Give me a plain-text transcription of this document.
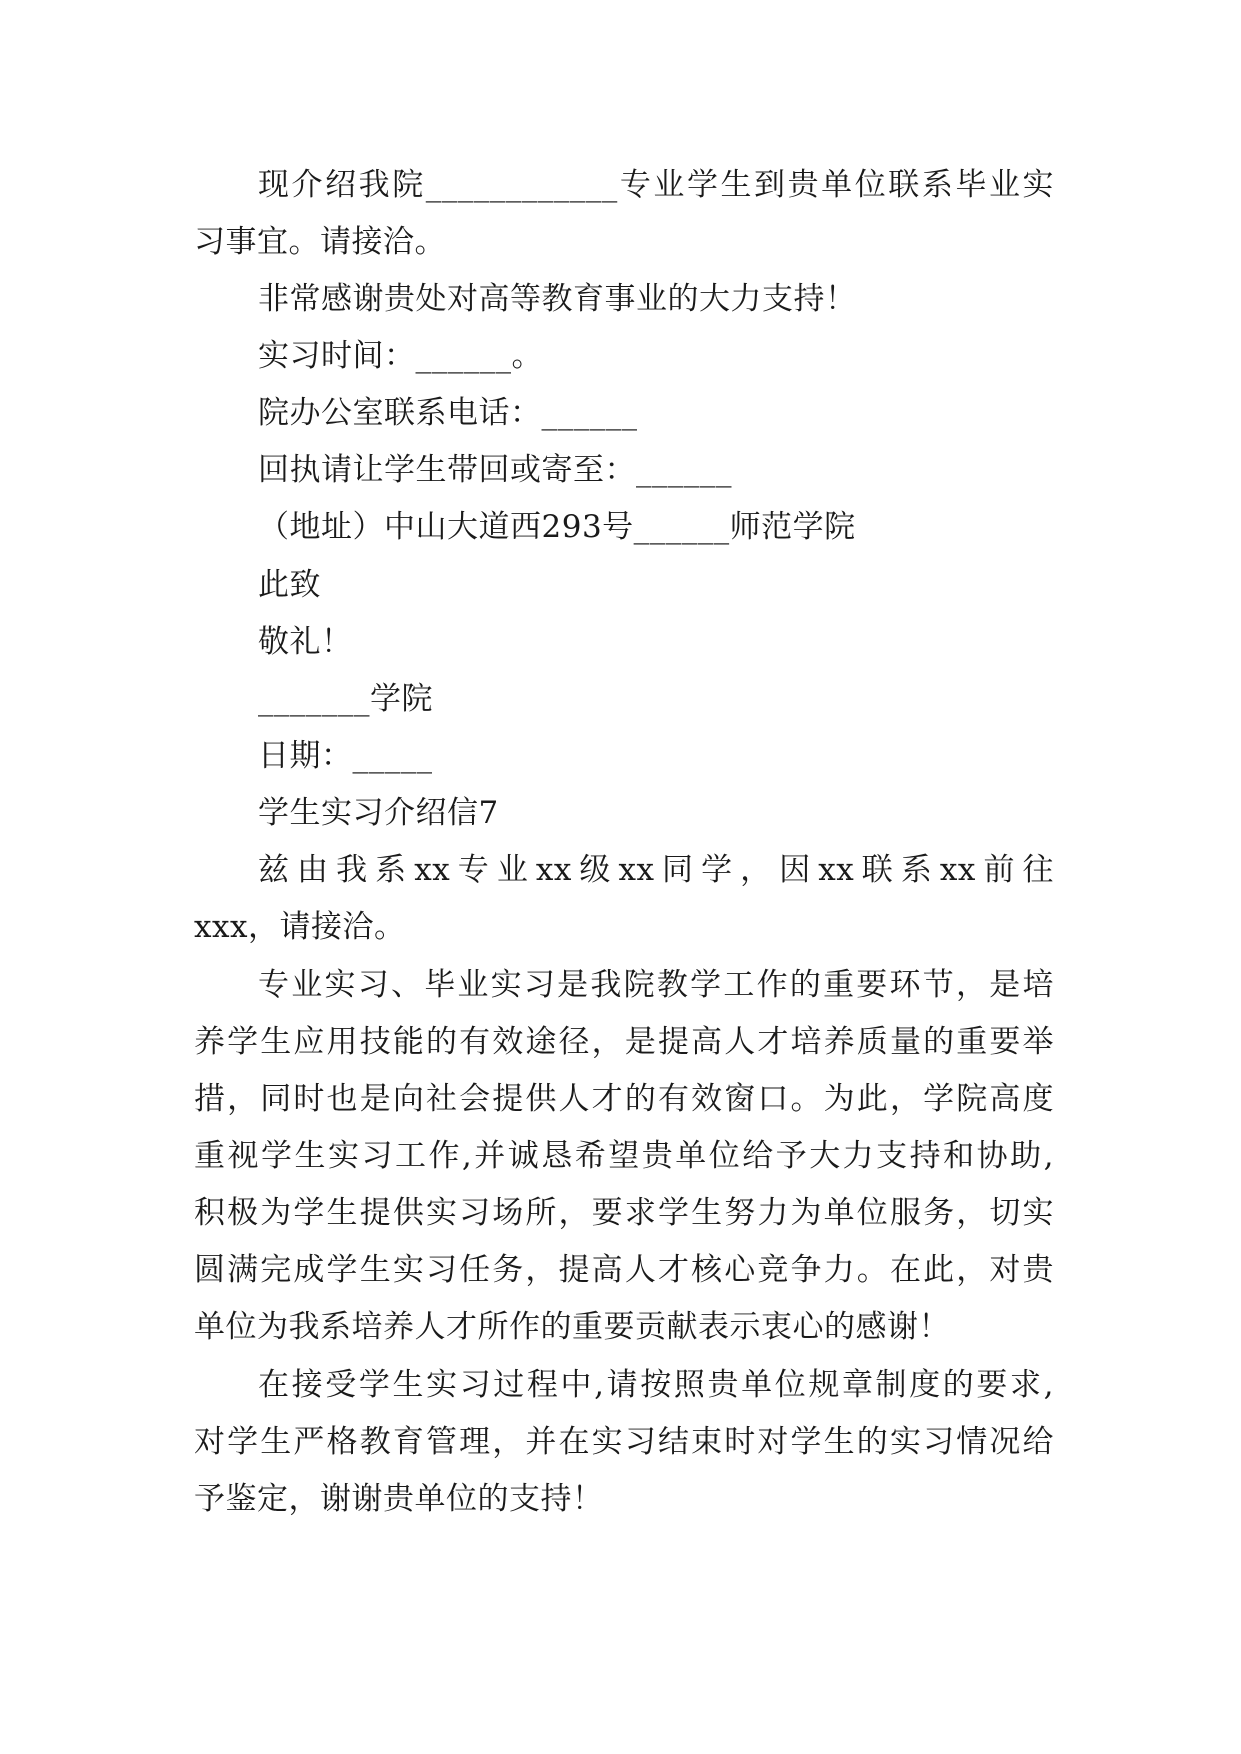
现介绍我院____________专业学生到贵单位联系毕业实
习事宜。请接洽。
非常感谢贵处对高等教育事业的大力支持！
实习时间：______。
院办公室联系电话：______
回执请让学生带回或寄至：______
（地址）中山大道西293号______师范学院
此致
敬礼！
_______学院
日期：_____
学生实习介绍信7
兹由我系xx专业xx级xx同学，因xx联系xx前往
xxx，请接洽。
专业实习、毕业实习是我院教学工作的重要环节，是培
养学生应用技能的有效途径，是提高人才培养质量的重要举
措，同时也是向社会提供人才的有效窗口。为此，学院高度
重视学生实习工作,并诚恳希望贵单位给予大力支持和协助,
积极为学生提供实习场所，要求学生努力为单位服务，切实
圆满完成学生实习任务，提高人才核心竞争力。在此，对贵
单位为我系培养人才所作的重要贡献表示衷心的感谢！
在接受学生实习过程中,请按照贵单位规章制度的要求,
对学生严格教育管理，并在实习结束时对学生的实习情况给
予鉴定，谢谢贵单位的支持！
